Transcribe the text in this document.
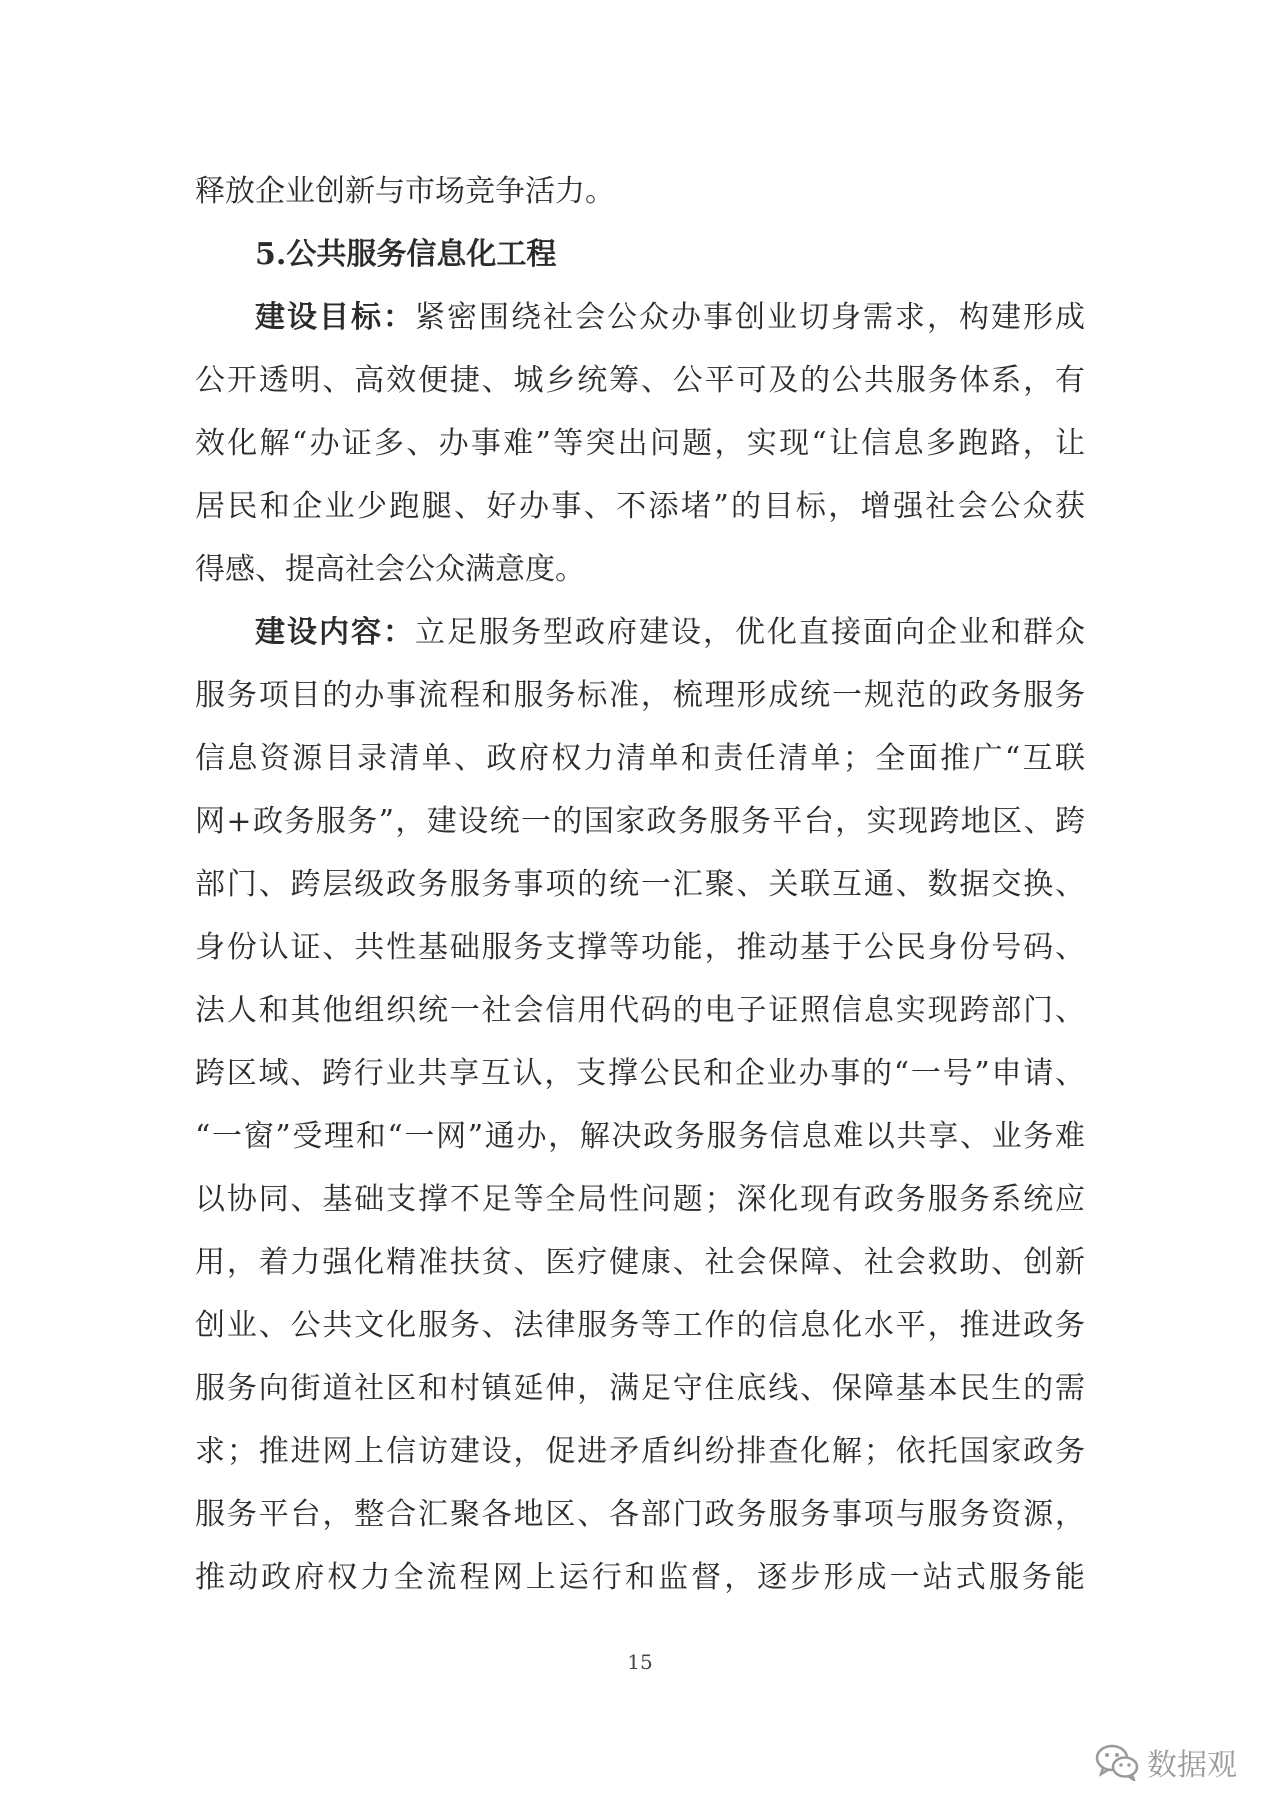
释放企业创新与市场竞争活力。
5.公共服务信息化工程
建设目标：紧密围绕社会公众办事创业切身需求，构建形成
公开透明、高效便捷、城乡统筹、公平可及的公共服务体系，有
效化解“办证多、办事难”等突出问题，实现“让信息多跑路，让
居民和企业少跑腿、好办事、不添堵”的目标，增强社会公众获
得感、提高社会公众满意度。
建设内容：立足服务型政府建设，优化直接面向企业和群众
服务项目的办事流程和服务标准，梳理形成统一规范的政务服务
信息资源目录清单、政府权力清单和责任清单；全面推广“互联
网+政务服务”，建设统一的国家政务服务平台，实现跨地区、跨
部门、跨层级政务服务事项的统一汇聚、关联互通、数据交换、
身份认证、共性基础服务支撑等功能，推动基于公民身份号码、
法人和其他组织统一社会信用代码的电子证照信息实现跨部门、
跨区域、跨行业共享互认，支撑公民和企业办事的“一号”申请、
“一窗”受理和“一网”通办，解决政务服务信息难以共享、业务难
以协同、基础支撑不足等全局性问题；深化现有政务服务系统应
用，着力强化精准扶贫、医疗健康、社会保障、社会救助、创新
创业、公共文化服务、法律服务等工作的信息化水平，推进政务
服务向街道社区和村镇延伸，满足守住底线、保障基本民生的需
求；推进网上信访建设，促进矛盾纠纷排查化解；依托国家政务
服务平台，整合汇聚各地区、各部门政务服务事项与服务资源，
推动政府权力全流程网上运行和监督，逐步形成一站式服务能
15
数据观
